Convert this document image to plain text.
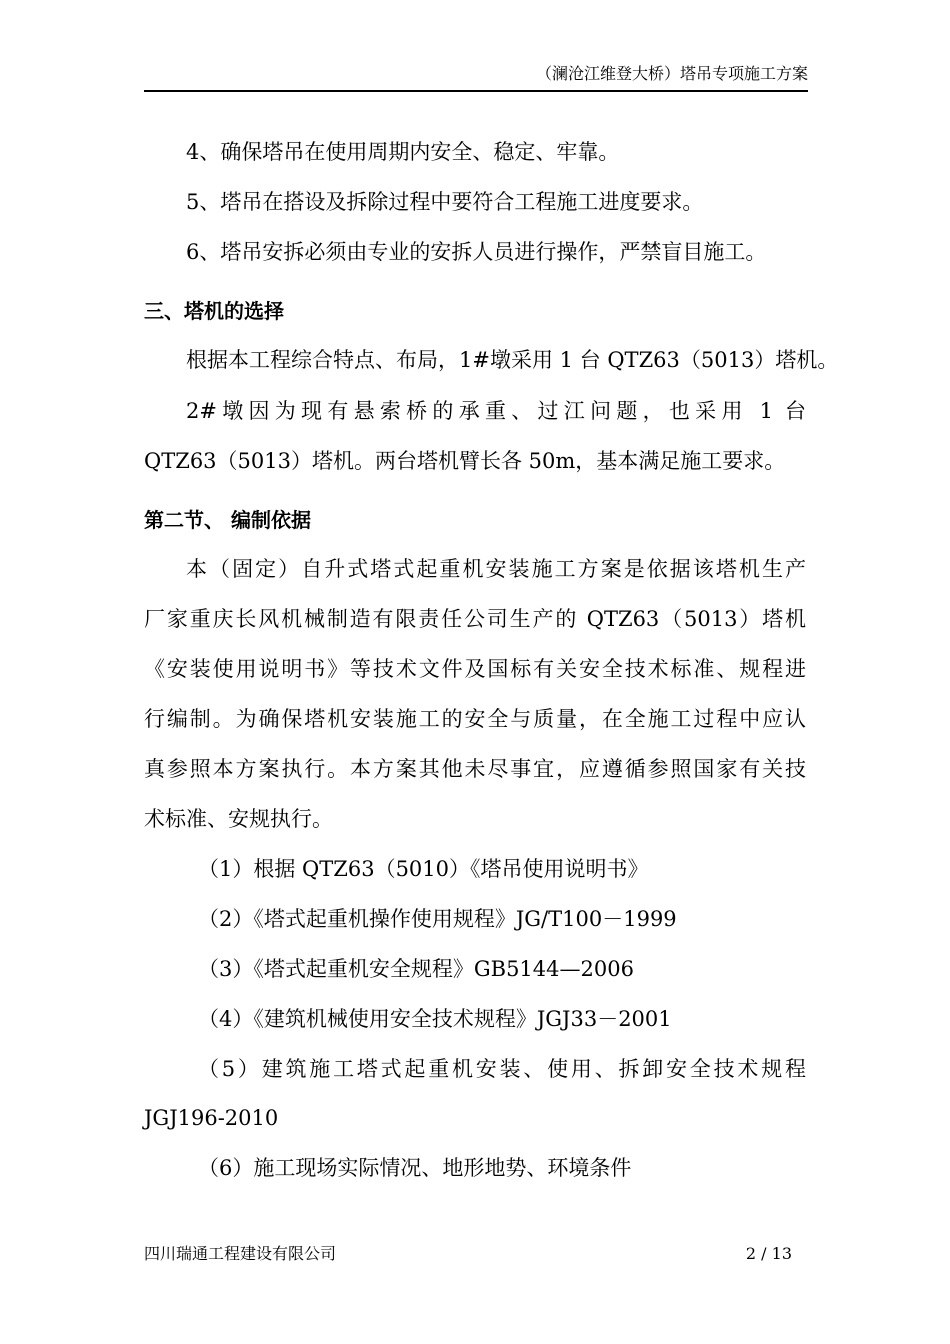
（澜沧江维登大桥）塔吊专项施工方案
4、确保塔吊在使用周期内安全、稳定、牢靠。
5、塔吊在搭设及拆除过程中要符合工程施工进度要求。
6、塔吊安拆必须由专业的安拆人员进行操作，严禁盲目施工。
三、塔机的选择
根据本工程综合特点、布局，1#墩采用 1 台 QTZ63（5013）塔机。
2#墩因为现有悬索桥的承重、过江问题，也采用 1 台
QTZ63（5013）塔机。两台塔机臂长各 50m，基本满足施工要求。
第二节、 编制依据
本（固定）自升式塔式起重机安装施工方案是依据该塔机生产
厂家重庆长风机械制造有限责任公司生产的 QTZ63（5013）塔机
《安装使用说明书》等技术文件及国标有关安全技术标准、规程进
行编制。为确保塔机安装施工的安全与质量，在全施工过程中应认
真参照本方案执行。本方案其他未尽事宜，应遵循参照国家有关技
术标准、安规执行。
（1）根据 QTZ63（5010）《塔吊使用说明书》
（2）《塔式起重机操作使用规程》JG/T100－1999
（3）《塔式起重机安全规程》GB5144—2006
（4）《建筑机械使用安全技术规程》JGJ33－2001
（5）建筑施工塔式起重机安装、使用、拆卸安全技术规程
JGJ196-2010
（6）施工现场实际情况、地形地势、环境条件
四川瑞通工程建设有限公司	2 / 13
